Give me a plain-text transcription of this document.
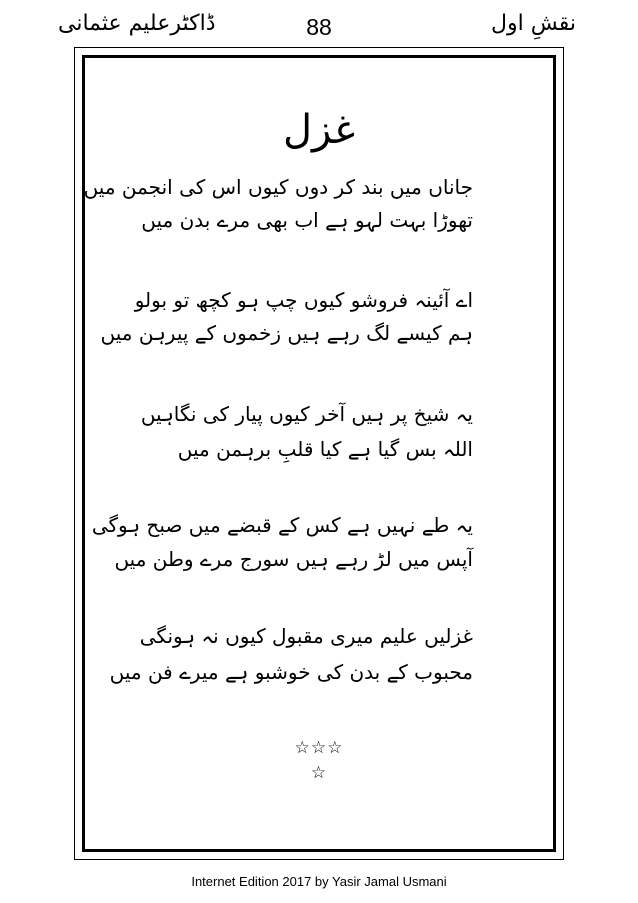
ڈاکٹرعلیم عثمانی	88	نقشِ اول
غزل
جاناں میں بند کر دوں کیوں اس کی انجمن میں
تھوڑا بہت لہو ہے اب بھی مرے بدن میں
اے آئینہ فروشو کیوں چپ ہو کچھ تو بولو
ہم کیسے لگ رہے ہیں زخموں کے پیرہن میں
یہ شیخ پر ہیں آخر کیوں پیار کی نگاہیں
اللہ بس گیا ہے کیا قلبِ برہمن میں
یہ طے نہیں ہے کس کے قبضے میں صبح ہوگی
آپس میں لڑ رہے ہیں سورج مرے وطن میں
غزلیں علیم میری مقبول کیوں نہ ہونگی
محبوب کے بدن کی خوشبو ہے میرے فن میں
☆☆☆
☆
Internet Edition 2017 by Yasir Jamal Usmani
